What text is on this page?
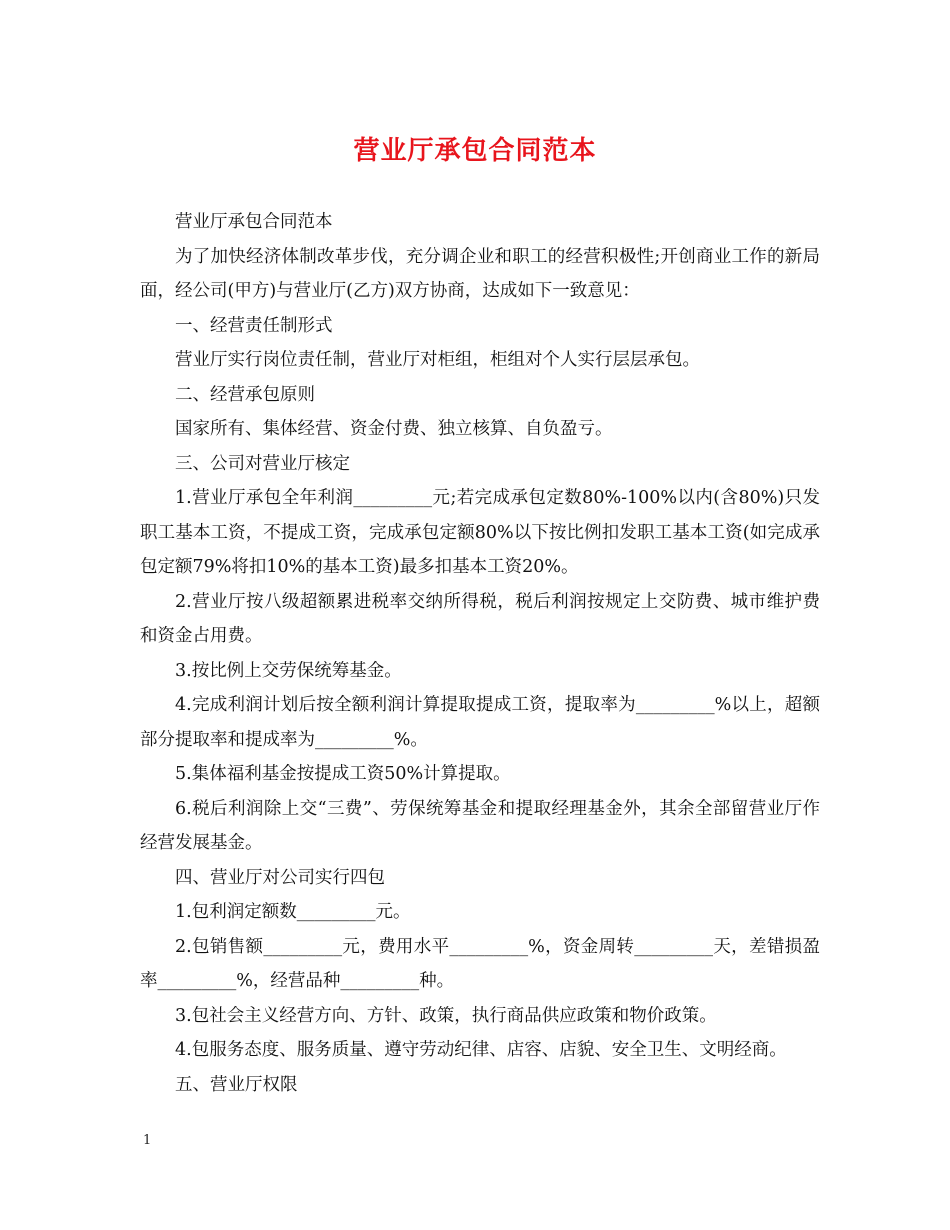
营业厅承包合同范本

营业厅承包合同范本

为了加快经济体制改革步伐，充分调企业和职工的经营积极性;开创商业工作的新局面，经公司(甲方)与营业厅(乙方)双方协商，达成如下一致意见：

一、经营责任制形式

营业厅实行岗位责任制，营业厅对柜组，柜组对个人实行层层承包。

二、经营承包原则

国家所有、集体经营、资金付费、独立核算、自负盈亏。

三、公司对营业厅核定

1.营业厅承包全年利润_________元;若完成承包定数80%-100%以内(含80%)只发职工基本工资，不提成工资，完成承包定额80%以下按比例扣发职工基本工资(如完成承包定额79%将扣10%的基本工资)最多扣基本工资20%。

2.营业厅按八级超额累进税率交纳所得税，税后利润按规定上交防费、城市维护费和资金占用费。

3.按比例上交劳保统筹基金。

4.完成利润计划后按全额利润计算提取提成工资，提取率为_________%以上，超额部分提取率和提成率为_________%。

5.集体福利基金按提成工资50%计算提取。

6.税后利润除上交“三费”、劳保统筹基金和提取经理基金外，其余全部留营业厅作经营发展基金。

四、营业厅对公司实行四包

1.包利润定额数_________元。

2.包销售额_________元，费用水平_________%，资金周转_________天，差错损盈率_________%，经营品种_________种。

3.包社会主义经营方向、方针、政策，执行商品供应政策和物价政策。

4.包服务态度、服务质量、遵守劳动纪律、店容、店貌、安全卫生、文明经商。

五、营业厅权限

1
